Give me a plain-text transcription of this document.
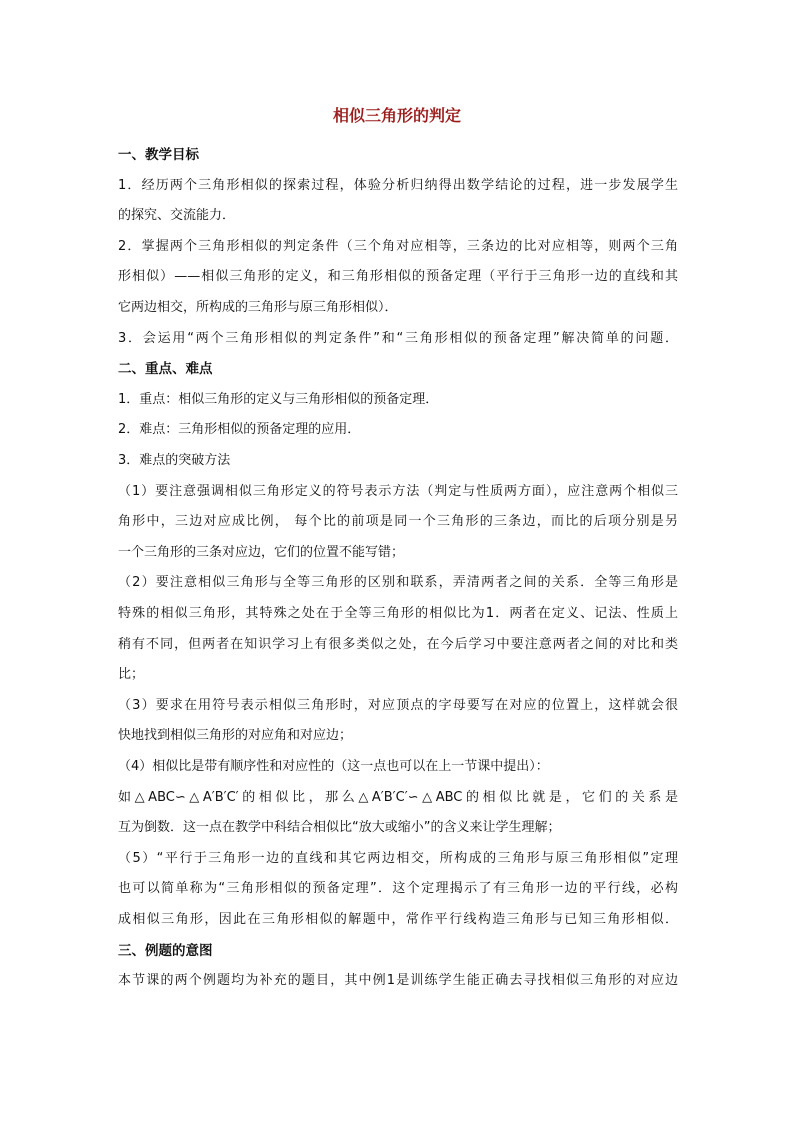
相似三角形的判定
一、教学目标
1．经历两个三角形相似的探索过程，体验分析归纳得出数学结论的过程，进一步发展学生
的探究、交流能力．
2．掌握两个三角形相似的判定条件（三个角对应相等，三条边的比对应相等，则两个三角
形相似）——相似三角形的定义，和三角形相似的预备定理（平行于三角形一边的直线和其
它两边相交，所构成的三角形与原三角形相似）．
3．会运用“两个三角形相似的判定条件”和“三角形相似的预备定理”解决简单的问题．
二、重点、难点
1．重点：相似三角形的定义与三角形相似的预备定理．
2．难点：三角形相似的预备定理的应用．
3．难点的突破方法
（1）要注意强调相似三角形定义的符号表示方法（判定与性质两方面），应注意两个相似三
角形中，三边对应成比例， 每个比的前项是同一个三角形的三条边，而比的后项分别是另
一个三角形的三条对应边，它们的位置不能写错；
（2）要注意相似三角形与全等三角形的区别和联系，弄清两者之间的关系．全等三角形是
特殊的相似三角形，其特殊之处在于全等三角形的相似比为1．两者在定义、记法、性质上
稍有不同，但两者在知识学习上有很多类似之处，在今后学习中要注意两者之间的对比和类
比；
（3）要求在用符号表示相似三角形时，对应顶点的字母要写在对应的位置上，这样就会很
快地找到相似三角形的对应角和对应边；
（4）相似比是带有顺序性和对应性的（这一点也可以在上一节课中提出）：
如△ABC∽△A′B′C′的相似比，那么△A′B′C′∽△ABC的相似比就是，它们的关系是
互为倒数．这一点在教学中科结合相似比“放大或缩小”的含义来让学生理解；
（5）“平行于三角形一边的直线和其它两边相交，所构成的三角形与原三角形相似”定理
也可以简单称为“三角形相似的预备定理”．这个定理揭示了有三角形一边的平行线，必构
成相似三角形，因此在三角形相似的解题中，常作平行线构造三角形与已知三角形相似．
三、例题的意图
本节课的两个例题均为补充的题目，其中例1是训练学生能正确去寻找相似三角形的对应边
